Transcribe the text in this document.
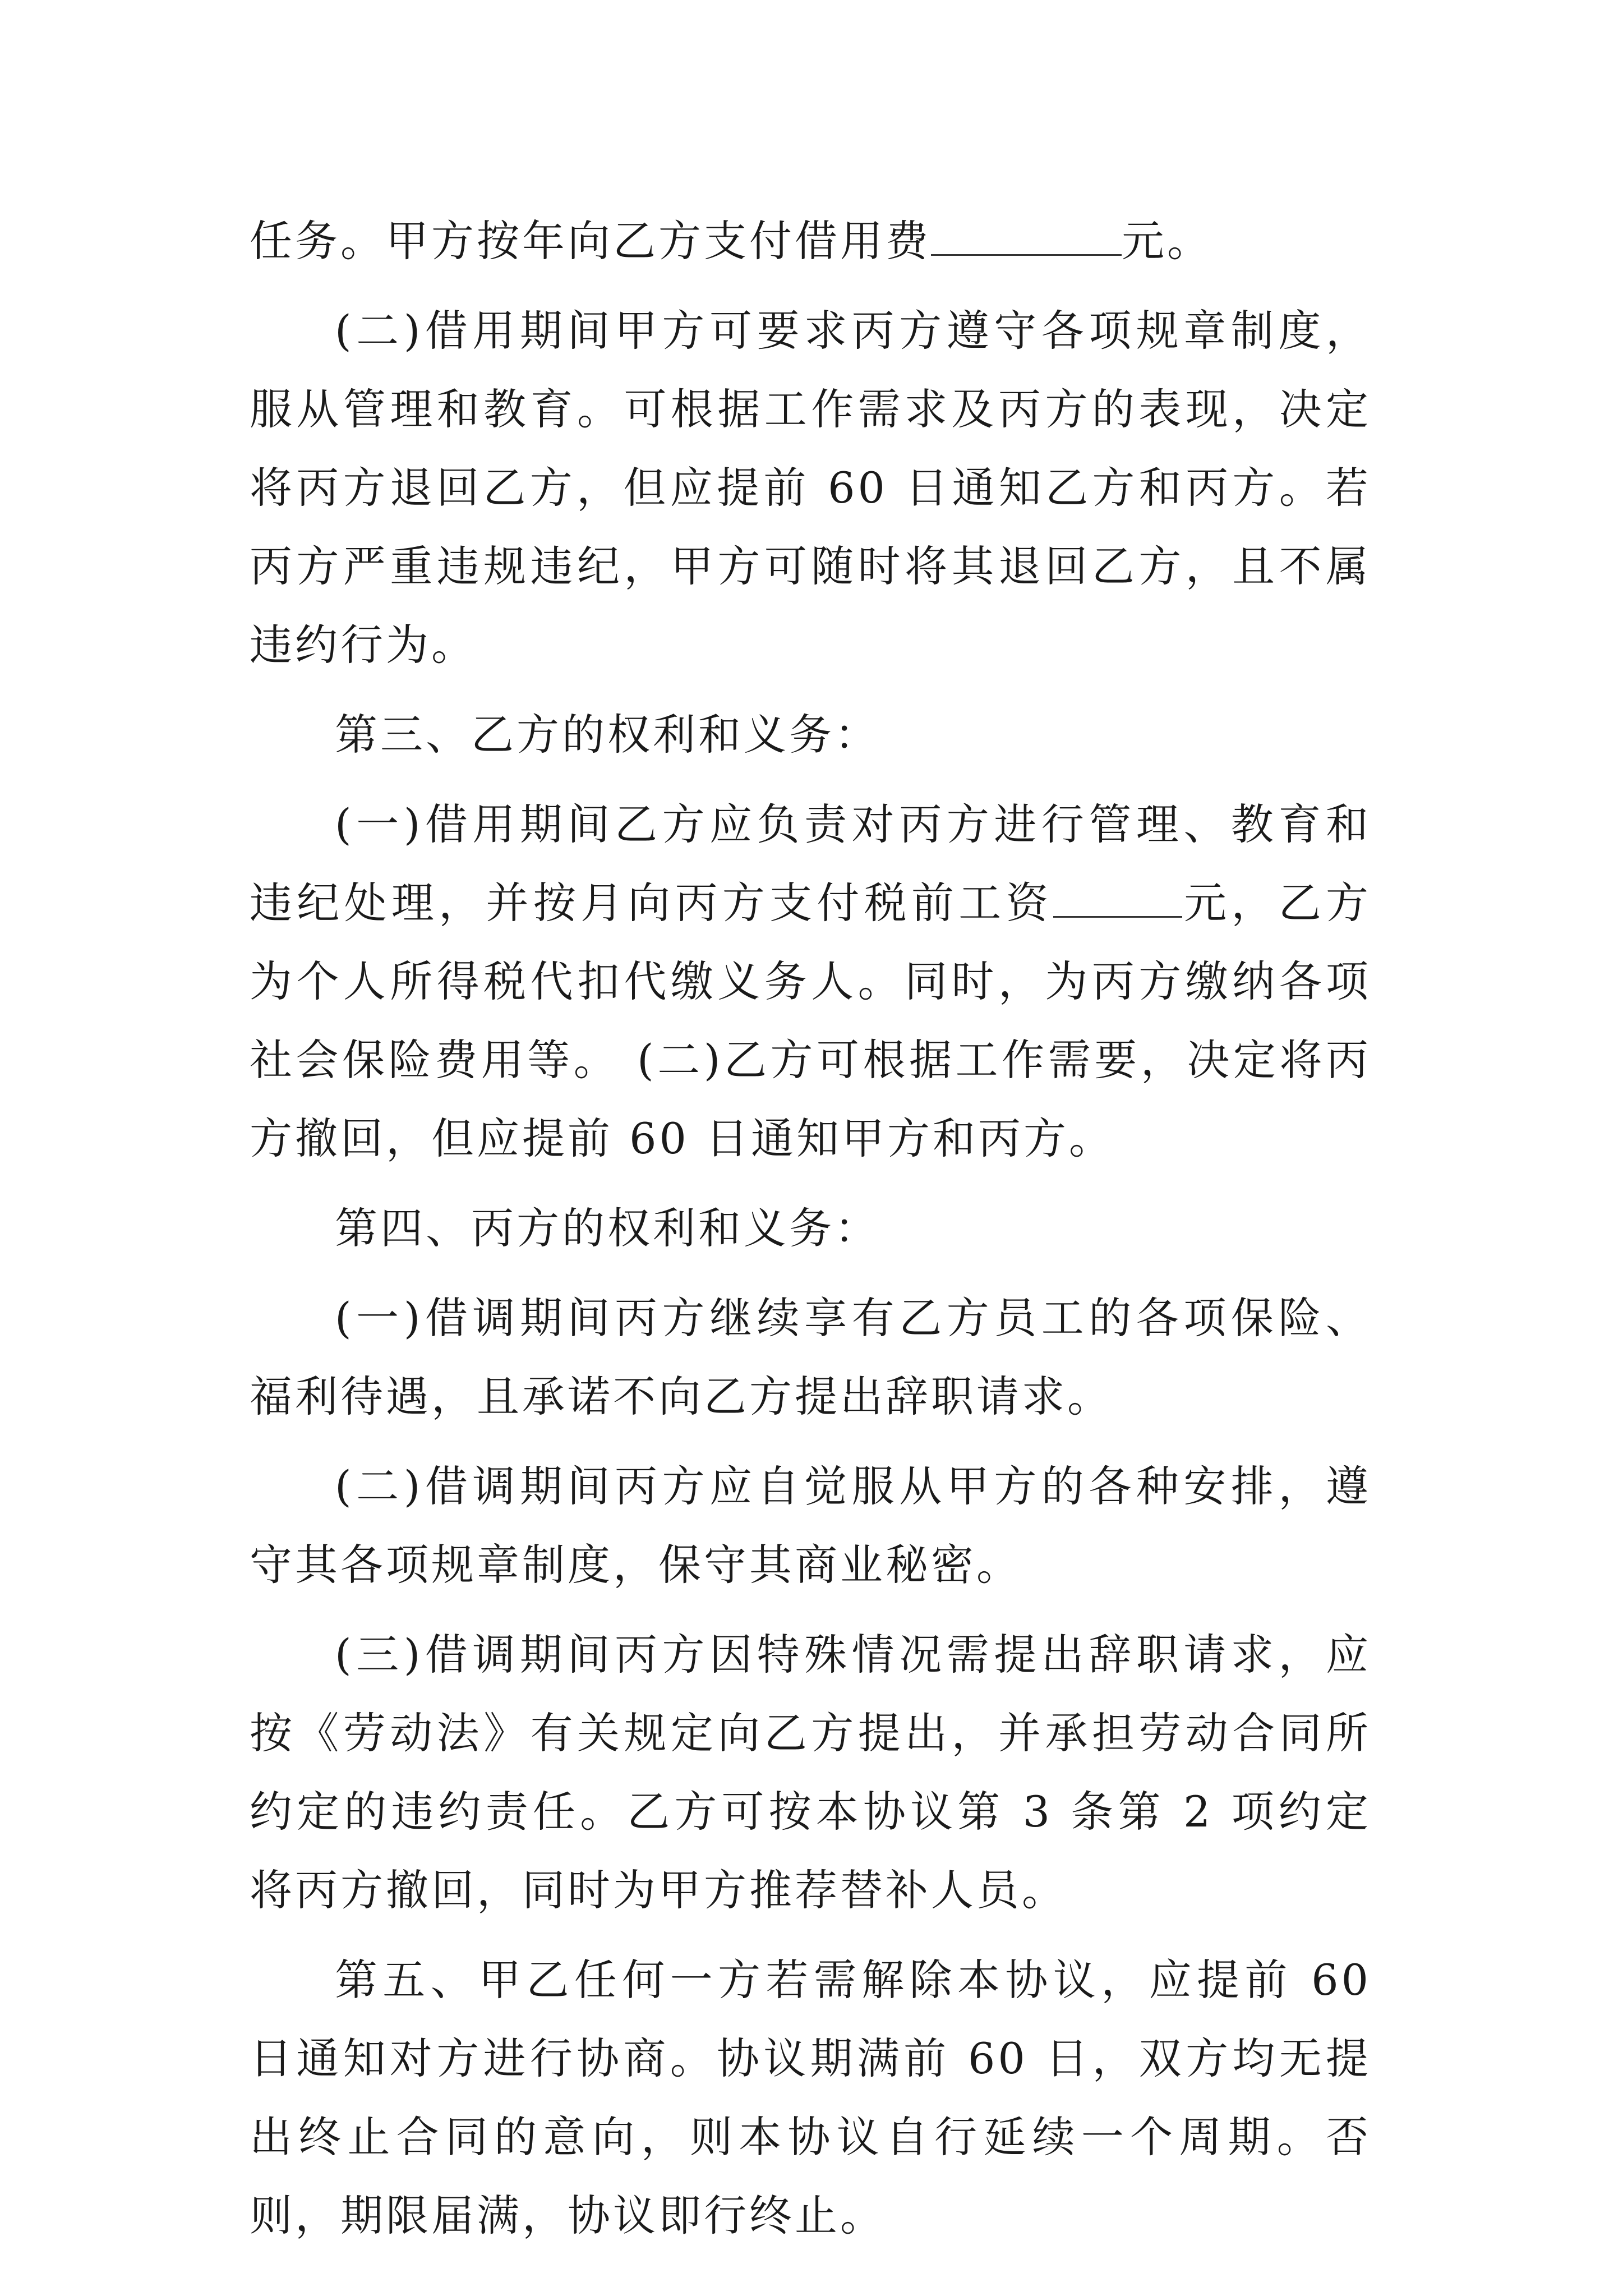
任务。甲方按年向乙方支付借用费	元。

(二)借用期间甲方可要求丙方遵守各项规章制度，服从管理和教育。可根据工作需求及丙方的表现，决定将丙方退回乙方，但应提前 60 日通知乙方和丙方。若丙方严重违规违纪，甲方可随时将其退回乙方，且不属违约行为。

第三、乙方的权利和义务：

(一)借用期间乙方应负责对丙方进行管理、教育和违纪处理，并按月向丙方支付税前工资	元，乙方为个人所得税代扣代缴义务人。同时，为丙方缴纳各项社会保险费用等。 (二)乙方可根据工作需要，决定将丙方撤回，但应提前 60 日通知甲方和丙方。

第四、丙方的权利和义务：

(一)借调期间丙方继续享有乙方员工的各项保险、福利待遇，且承诺不向乙方提出辞职请求。

(二)借调期间丙方应自觉服从甲方的各种安排，遵守其各项规章制度，保守其商业秘密。

(三)借调期间丙方因特殊情况需提出辞职请求，应按《劳动法》有关规定向乙方提出，并承担劳动合同所约定的违约责任。乙方可按本协议第 3 条第 2 项约定将丙方撤回，同时为甲方推荐替补人员。

第五、甲乙任何一方若需解除本协议，应提前 60 日通知对方进行协商。协议期满前 60 日，双方均无提出终止合同的意向，则本协议自行延续一个周期。否则，期限届满，协议即行终止。
